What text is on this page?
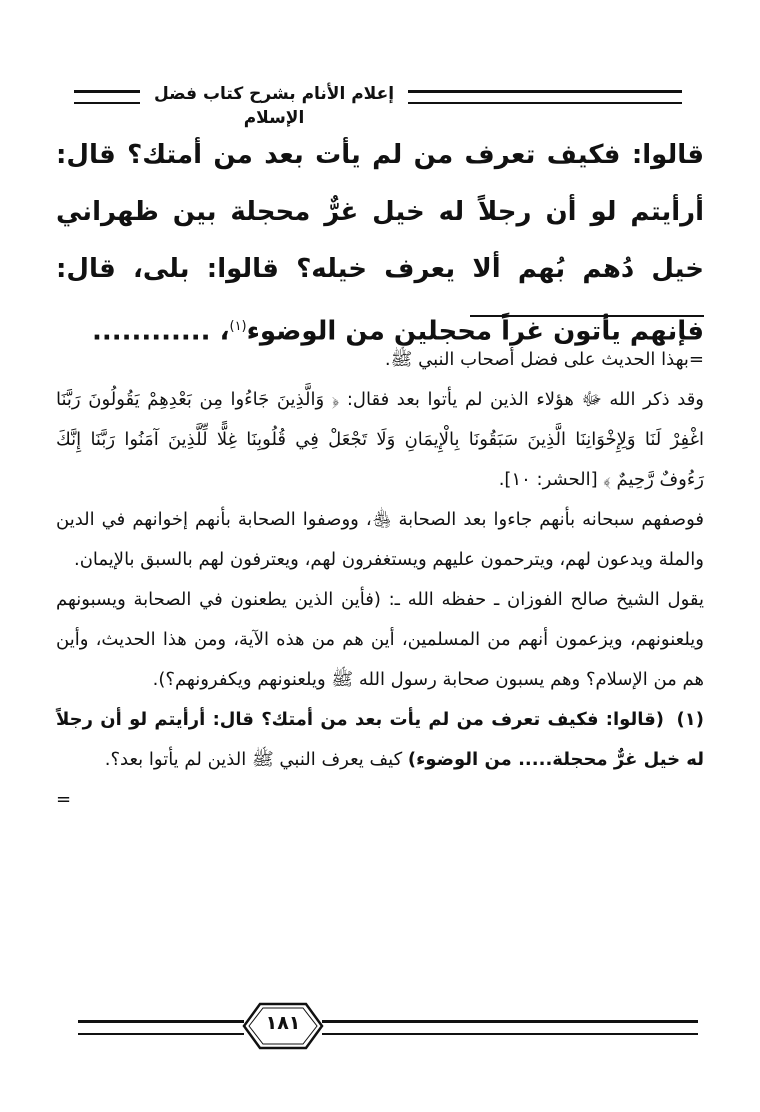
إعلام الأنام بشرح كتاب فضل الإسلام
قالوا: فكيف تعرف من لم يأت بعد من أمتك؟ قال: أرأيتم لو أن رجلاً له خيل غرٌّ محجلة بين ظهراني خيل دُهم بُهم ألا يعرف خيله؟ قالوا: بلى، قال: فإنهم يأتون غراً محجلين من الوضوء$^{(١)}$، ............

=بهذا الحديث على فضل أصحاب النبي ﷺ.

وقد ذكر الله ﷻ هؤلاء الذين لم يأتوا بعد فقال: ﴿ وَالَّذِينَ جَاءُوا مِن بَعْدِهِمْ يَقُولُونَ رَبَّنَا اغْفِرْ لَنَا وَلِإِخْوَانِنَا الَّذِينَ سَبَقُونَا بِالْإِيمَانِ وَلَا تَجْعَلْ فِي قُلُوبِنَا غِلًّا لِّلَّذِينَ آمَنُوا رَبَّنَا إِنَّكَ رَءُوفٌ رَّحِيمٌ ﴾ [الحشر: ١٠].

فوصفهم سبحانه بأنهم جاءوا بعد الصحابة ﵃، ووصفوا الصحابة بأنهم إخوانهم في الدين والملة ويدعون لهم، ويترحمون عليهم ويستغفرون لهم، ويعترفون لهم بالسبق بالإيمان.

يقول الشيخ صالح الفوزان ـ حفظه الله ـ: (فأين الذين يطعنون في الصحابة ويسبونهم ويلعنونهم، ويزعمون أنهم من المسلمين، أين هم من هذه الآية، ومن هذا الحديث، وأين هم من الإسلام؟ وهم يسبون صحابة رسول الله ﷺ ويلعنونهم ويكفرونهم؟).

(١)(قالوا: فكيف تعرف من لم يأت بعد من أمتك؟ قال: أرأيتم لو أن رجلاً له خيل غرٌّ محجلة..... من الوضوء) كيف يعرف النبي ﷺ الذين لم يأتوا بعد؟.

=

١٨١
